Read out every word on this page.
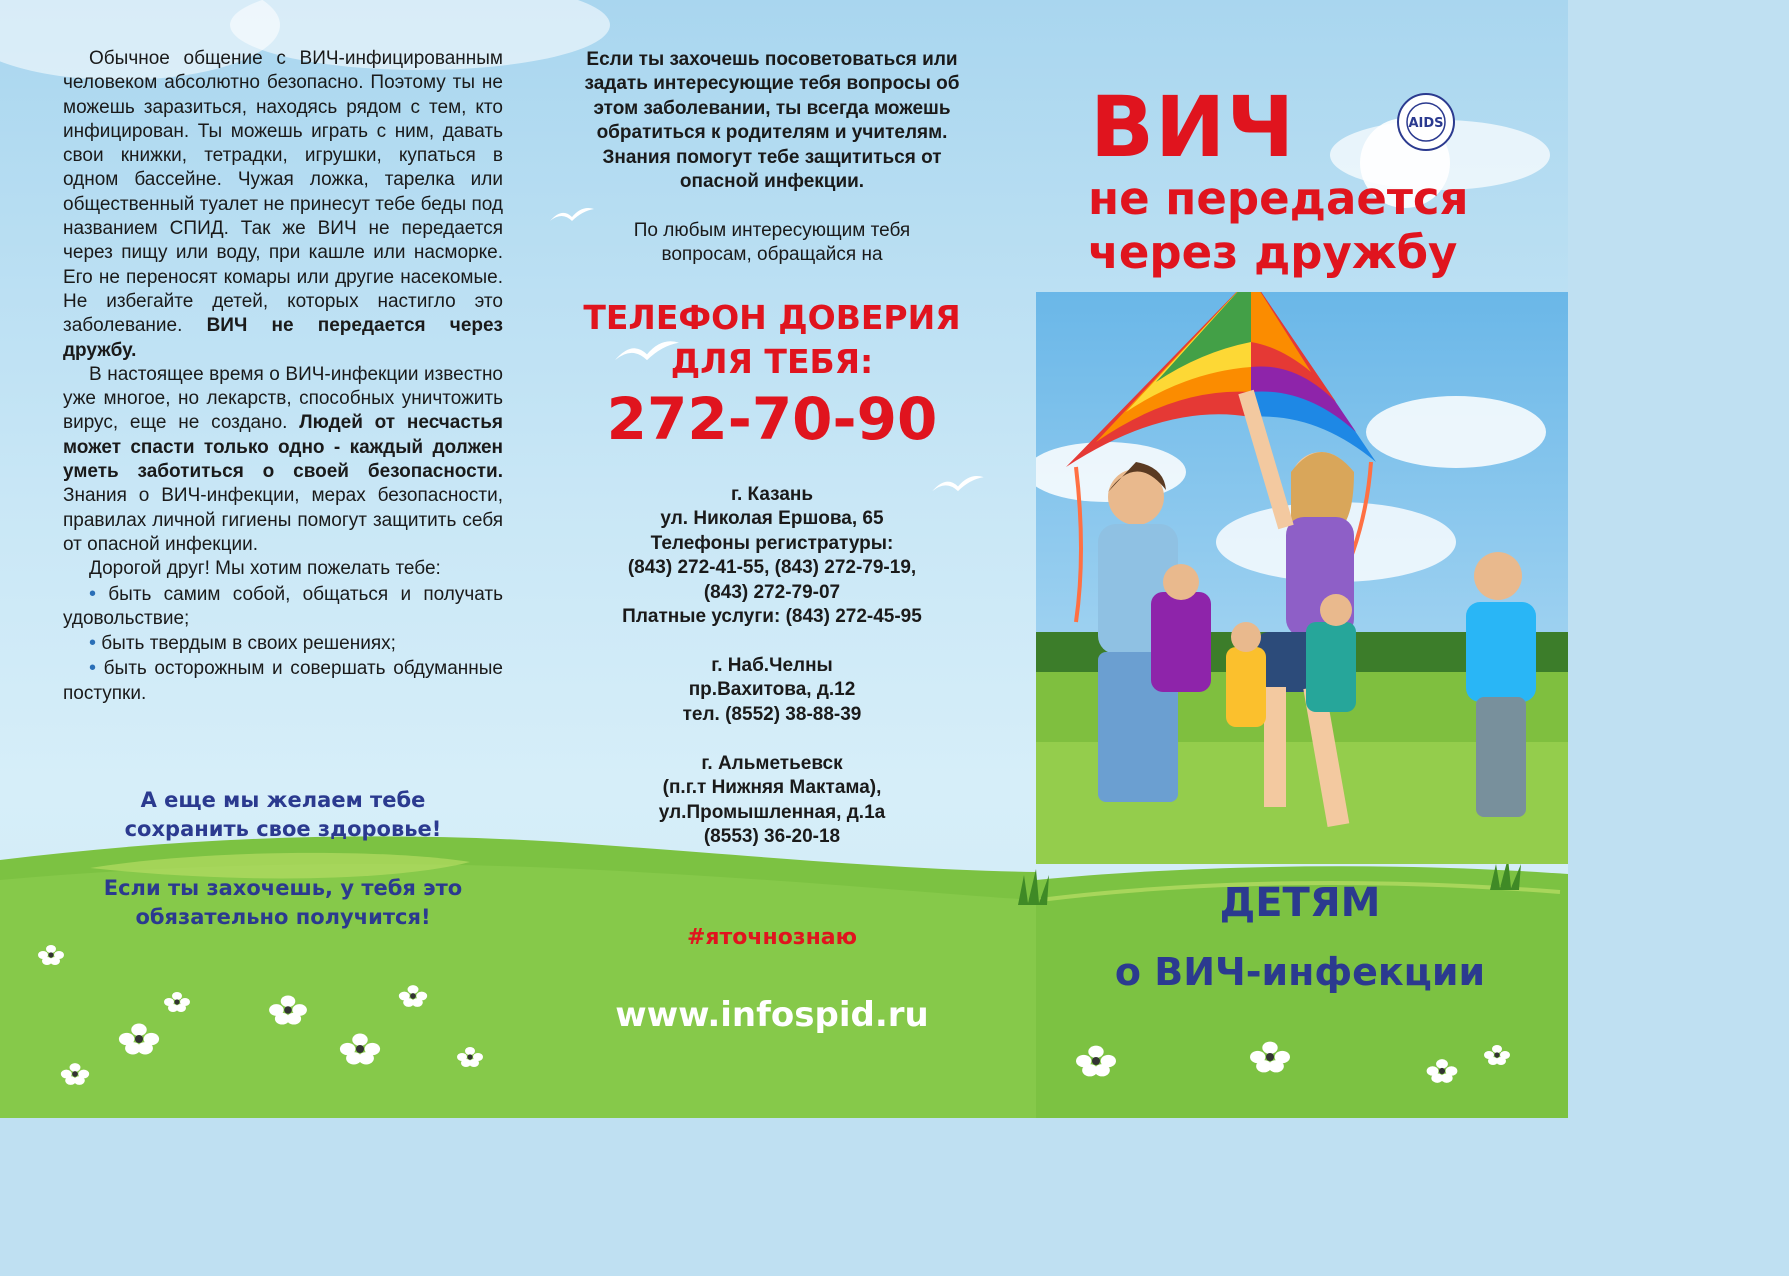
Обычное общение с ВИЧ-инфицированным человеком абсолютно безопасно. Поэтому ты не можешь заразиться, находясь рядом с тем, кто инфицирован. Ты можешь играть с ним, давать свои книжки, тетрадки, игрушки, купаться в одном бассейне. Чужая ложка, тарелка или общественный туалет не принесут тебе беды под названием СПИД. Так же ВИЧ не передается через пищу или воду, при кашле или насморке. Его не переносят комары или другие насекомые. Не избегайте детей, которых настигло это заболевание. ВИЧ не передается через дружбу.

В настоящее время о ВИЧ-инфекции известно уже многое, но лекарств, способных уничтожить вирус, еще не создано. Людей от несчастья может спасти только одно - каждый должен уметь заботиться о своей безопасности. Знания о ВИЧ-инфекции, мерах безопасности, правилах личной гигиены помогут защитить себя от опасной инфекции.

Дорогой друг! Мы хотим пожелать тебе:

• быть самим собой, общаться и получать удовольствие;

• быть твердым в своих решениях;

• быть осторожным и совершать обдуманные поступки.

А еще мы желаем тебе
сохранить свое здоровье!
Если ты захочешь, у тебя это
обязательно получится!
Если ты захочешь посоветоваться или
задать интересующие тебя вопросы об
этом заболевании, ты всегда можешь
обратиться к родителям и учителям.
Знания помогут тебе защититься от
опасной инфекции.
По любым интересующим тебя
вопросам, обращайся на
ТЕЛЕФОН ДОВЕРИЯ
ДЛЯ ТЕБЯ:
272-70-90
г. Казань
ул. Николая Ершова, 65
Телефоны регистратуры:
(843) 272-41-55, (843) 272-79-19,
(843) 272-79-07
Платные услуги: (843) 272-45-95
г. Наб.Челны
пр.Вахитова, д.12
тел. (8552) 38-88-39
г. Альметьевск
(п.г.т Нижняя Мактама),
ул.Промышленная, д.1а
(8553) 36-20-18
#яточнознаю
www.infospid.ru
ВИЧ
не передается
через дружбу
AIDS
ДЕТЯМ
о ВИЧ-инфекции
